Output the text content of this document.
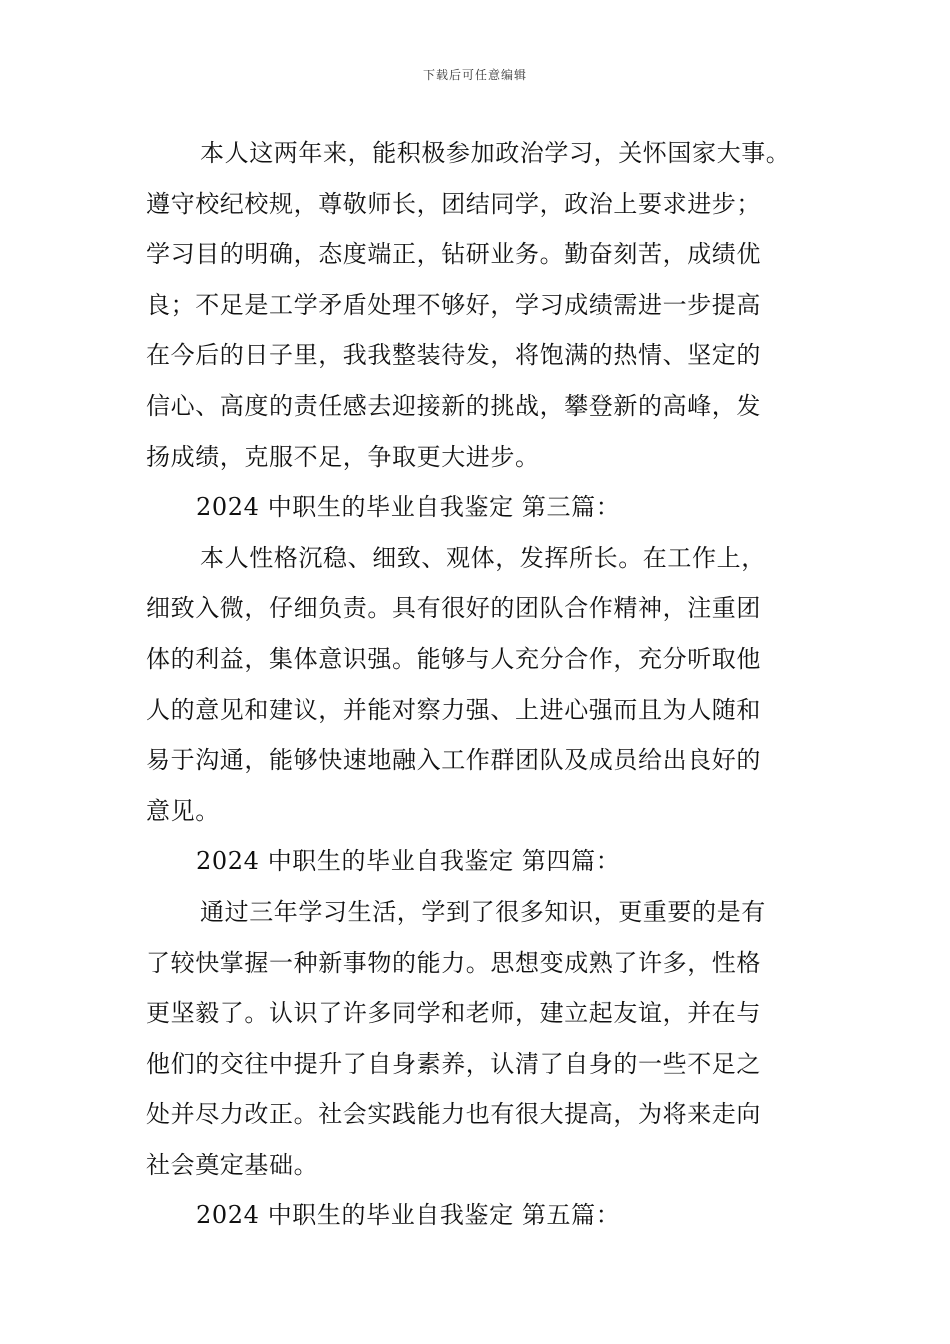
下载后可任意编辑
本人这两年来，能积极参加政治学习，关怀国家大事。
遵守校纪校规，尊敬师长，团结同学，政治上要求进步；
学习目的明确，态度端正，钻研业务。勤奋刻苦，成绩优
良；不足是工学矛盾处理不够好，学习成绩需进一步提高
在今后的日子里，我我整装待发，将饱满的热情、坚定的
信心、高度的责任感去迎接新的挑战，攀登新的高峰，发
扬成绩，克服不足，争取更大进步。
2024 中职生的毕业自我鉴定 第三篇：
本人性格沉稳、细致、观体，发挥所长。在工作上，
细致入微，仔细负责。具有很好的团队合作精神，注重团
体的利益，集体意识强。能够与人充分合作，充分听取他
人的意见和建议，并能对察力强、上进心强而且为人随和
易于沟通，能够快速地融入工作群团队及成员给出良好的
意见。
2024 中职生的毕业自我鉴定 第四篇：
通过三年学习生活，学到了很多知识，更重要的是有
了较快掌握一种新事物的能力。思想变成熟了许多，性格
更坚毅了。认识了许多同学和老师，建立起友谊，并在与
他们的交往中提升了自身素养，认清了自身的一些不足之
处并尽力改正。社会实践能力也有很大提高，为将来走向
社会奠定基础。
2024 中职生的毕业自我鉴定 第五篇：
